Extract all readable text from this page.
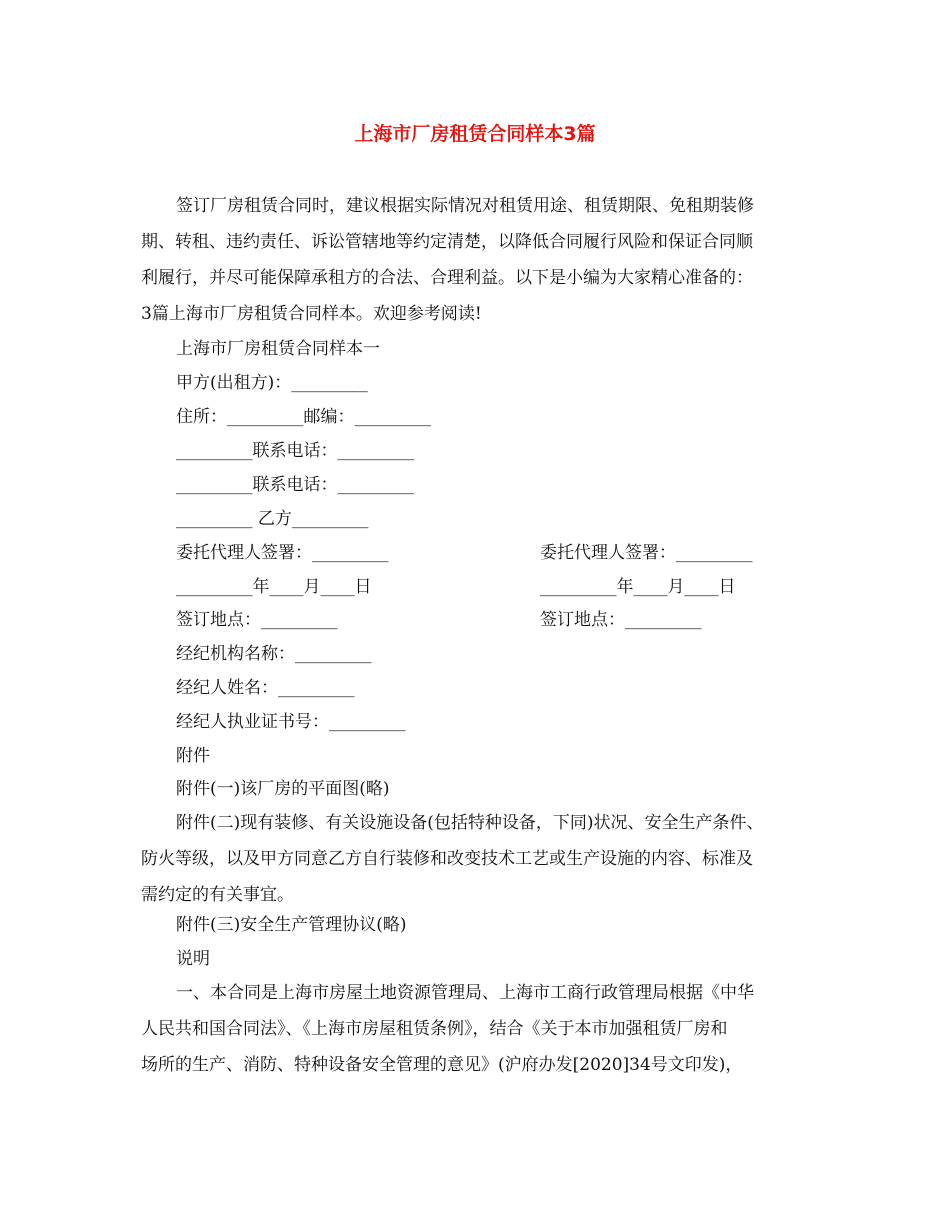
上海市厂房租赁合同样本3篇
签订厂房租赁合同时，建议根据实际情况对租赁用途、租赁期限、免租期装修
期、转租、违约责任、诉讼管辖地等约定清楚，以降低合同履行风险和保证合同顺
利履行，并尽可能保障承租方的合法、合理利益。以下是小编为大家精心准备的：
3篇上海市厂房租赁合同样本。欢迎参考阅读!
上海市厂房租赁合同样本一
甲方(出租方)：_________
住所：_________邮编：_________
_________联系电话：_________
_________联系电话：_________
_________ 乙方_________
委托代理人签署：_________	委托代理人签署：_________
_________年____月____日	_________年____月____日
签订地点：_________	签订地点：_________
经纪机构名称：_________
经纪人姓名：_________
经纪人执业证书号：_________
附件
附件(一)该厂房的平面图(略)
附件(二)现有装修、有关设施设备(包括特种设备，下同)状况、安全生产条件、
防火等级，以及甲方同意乙方自行装修和改变技术工艺或生产设施的内容、标准及
需约定的有关事宜。
附件(三)安全生产管理协议(略)
说明
一、本合同是上海市房屋土地资源管理局、上海市工商行政管理局根据《中华
人民共和国合同法》、《上海市房屋租赁条例》，结合《关于本市加强租赁厂房和
场所的生产、消防、特种设备安全管理的意见》(沪府办发[2020]34号文印发)，
